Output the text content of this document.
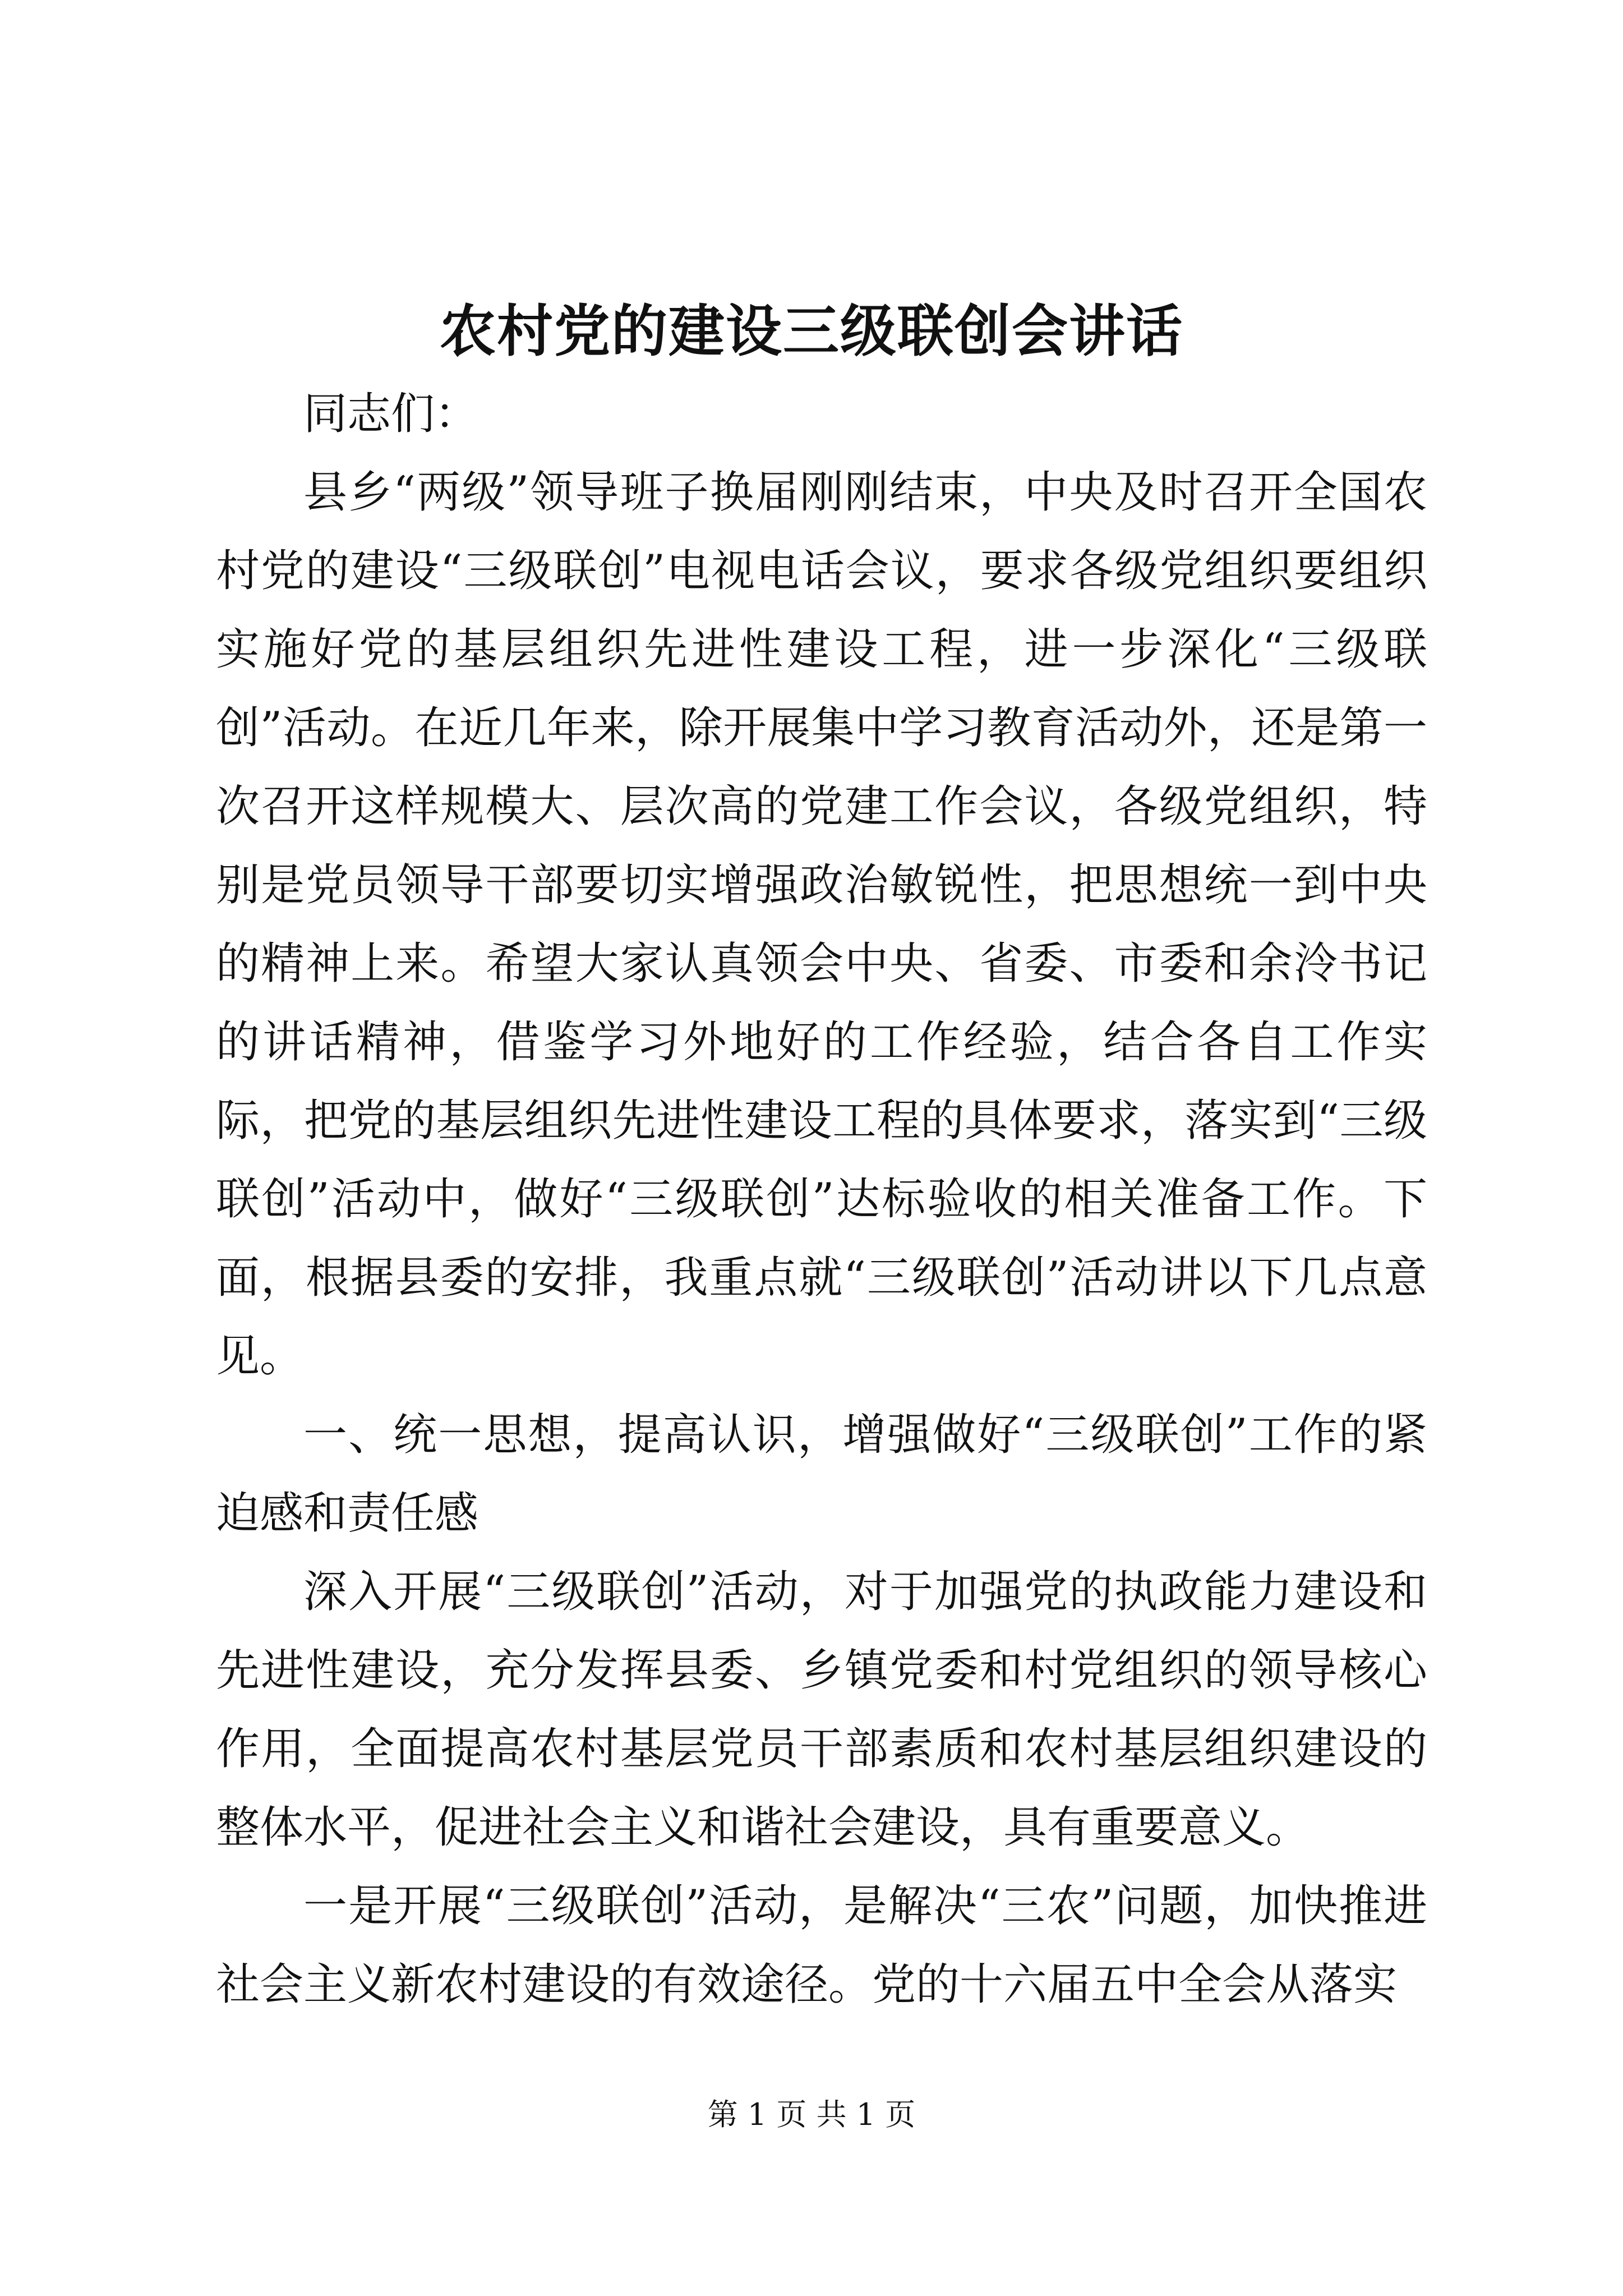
农村党的建设三级联创会讲话

同志们：

县乡“两级”领导班子换届刚刚结束，中央及时召开全国农村党的建设“三级联创”电视电话会议，要求各级党组织要组织实施好党的基层组织先进性建设工程，进一步深化“三级联创”活动。在近几年来，除开展集中学习教育活动外，还是第一次召开这样规模大、层次高的党建工作会议，各级党组织，特别是党员领导干部要切实增强政治敏锐性，把思想统一到中央的精神上来。希望大家认真领会中央、省委、市委和余泠书记的讲话精神，借鉴学习外地好的工作经验，结合各自工作实际，把党的基层组织先进性建设工程的具体要求，落实到“三级联创”活动中，做好“三级联创”达标验收的相关准备工作。下面，根据县委的安排，我重点就“三级联创”活动讲以下几点意见。

一、统一思想，提高认识，增强做好“三级联创”工作的紧迫感和责任感

深入开展“三级联创”活动，对于加强党的执政能力建设和先进性建设，充分发挥县委、乡镇党委和村党组织的领导核心作用，全面提高农村基层党员干部素质和农村基层组织建设的整体水平，促进社会主义和谐社会建设，具有重要意义。

一是开展“三级联创”活动，是解决“三农”问题，加快推进社会主义新农村建设的有效途径。党的十六届五中全会从落实

第 1 页 共 1 页
